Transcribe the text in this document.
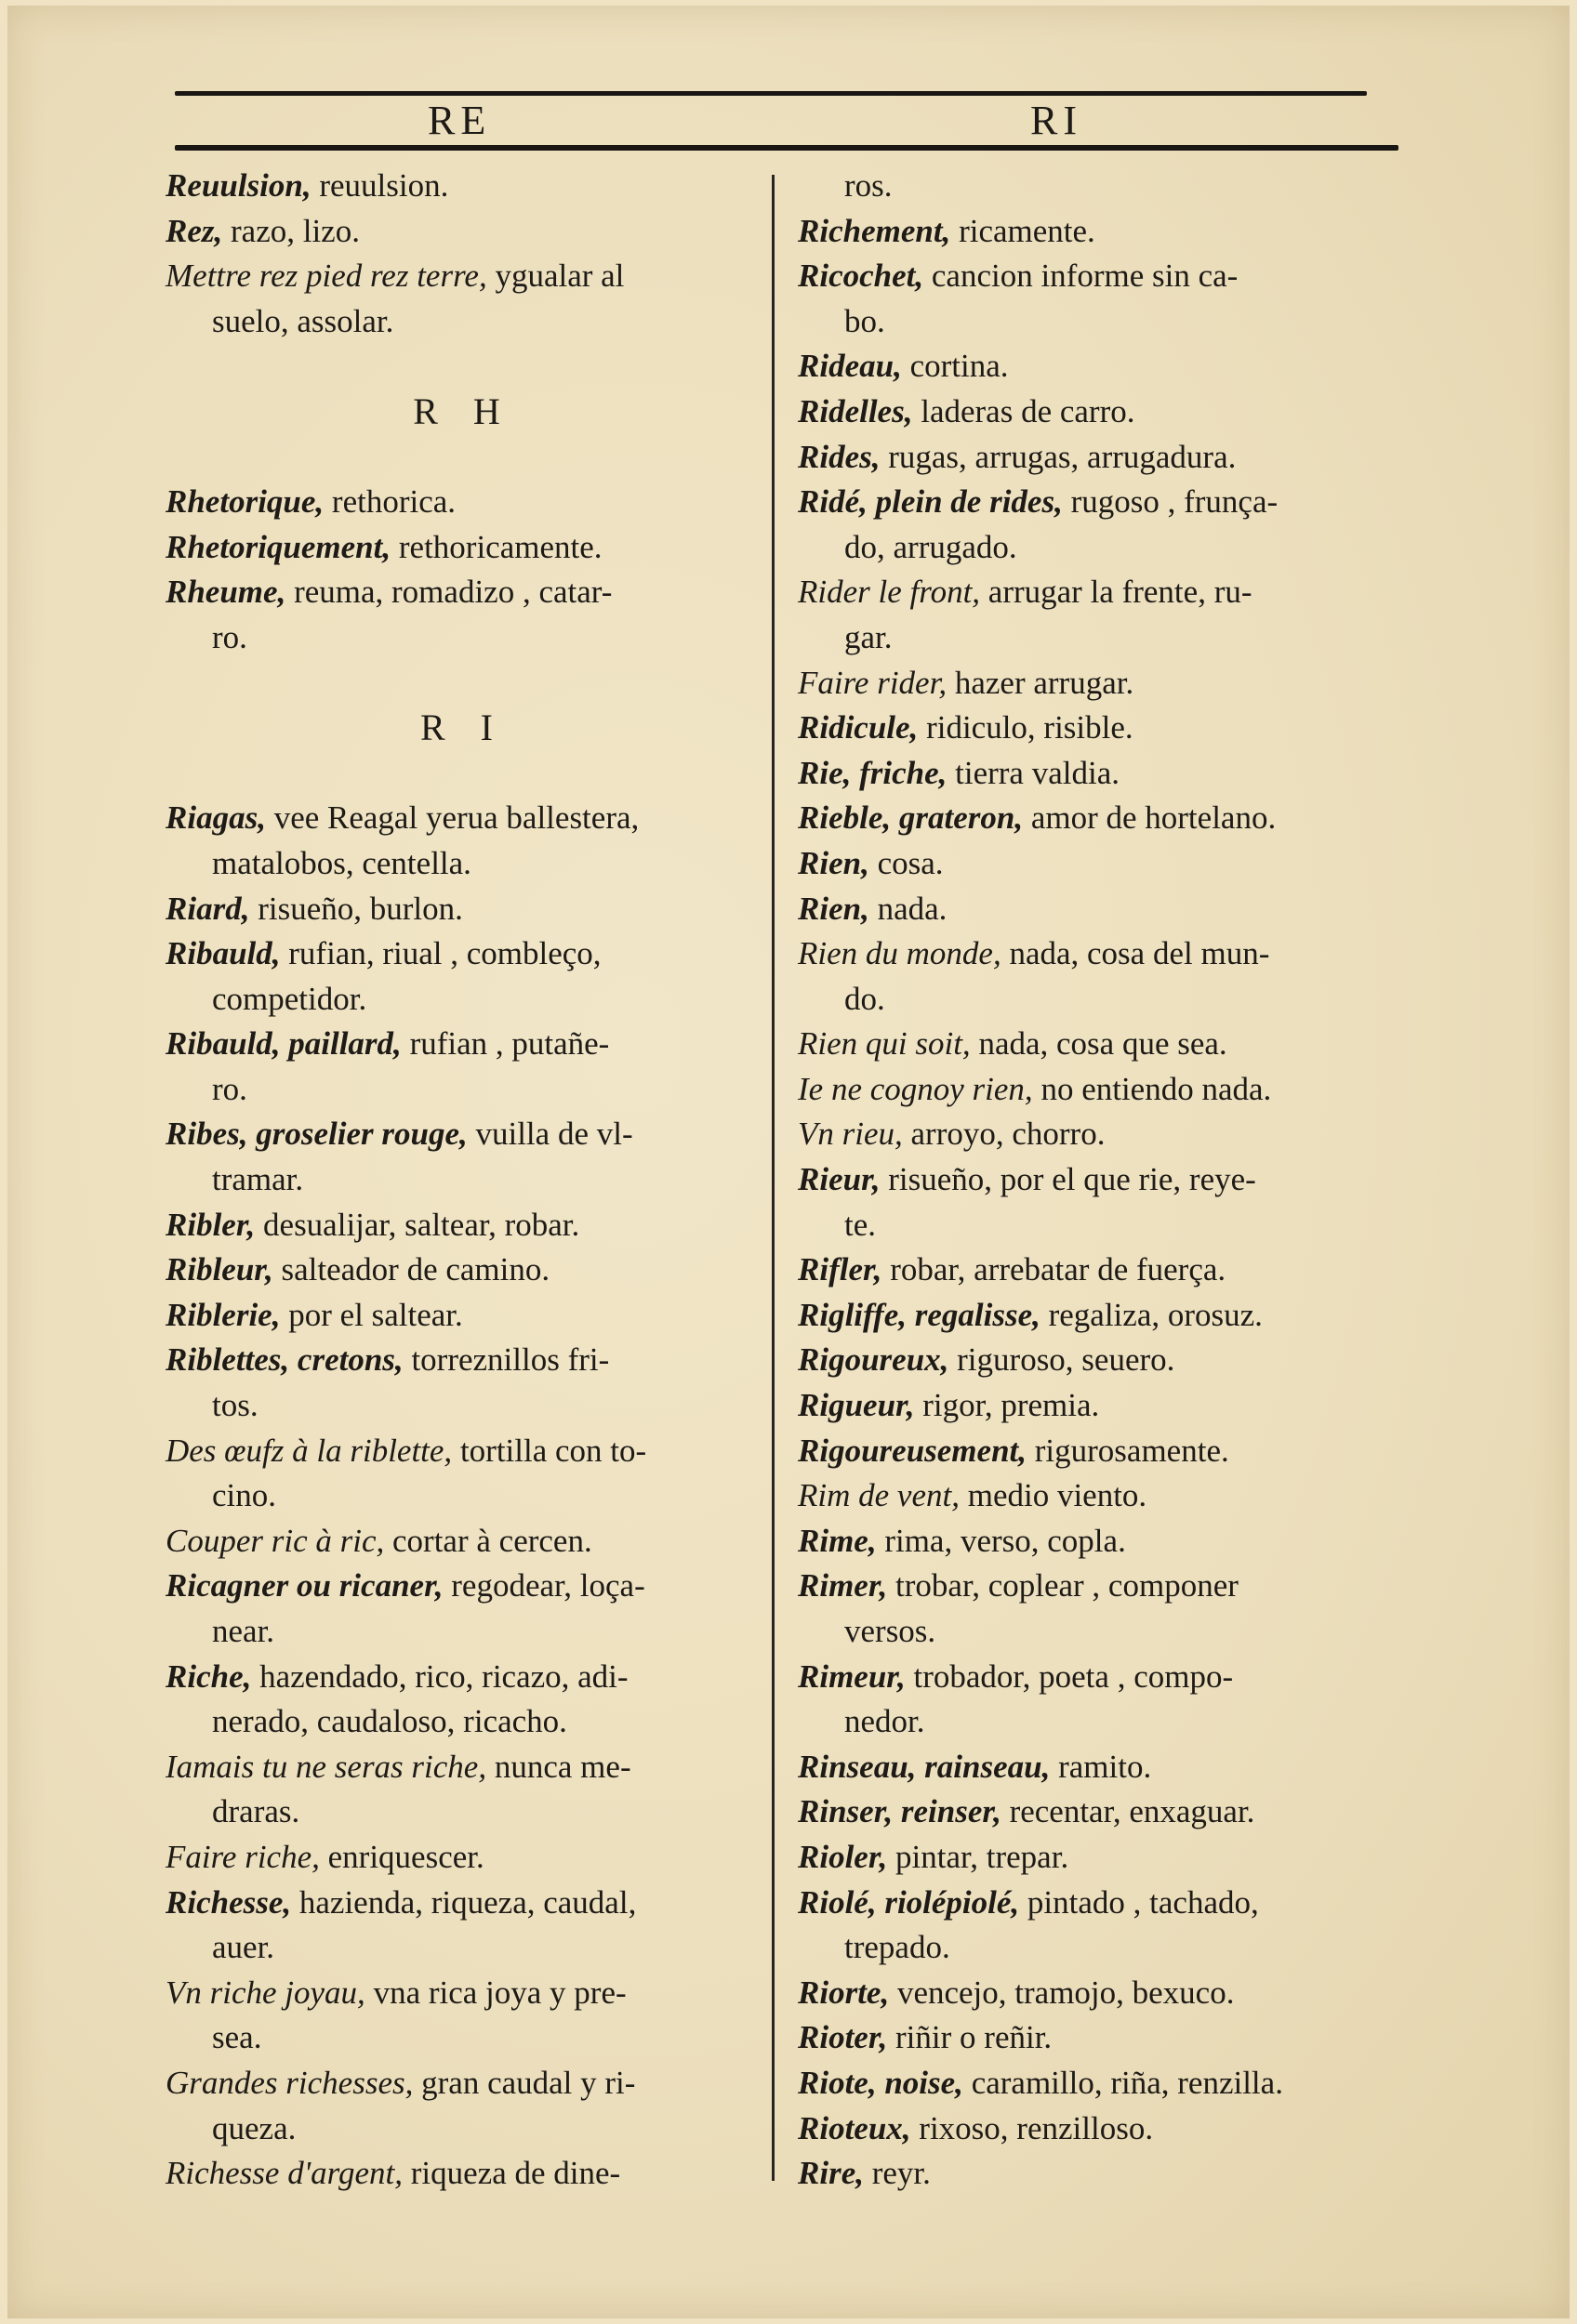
RE	RI
Reuulsion, reuulsion.
Rez, razo, lizo.
Mettre rez pied rez terre, ygualar al
suelo, assolar.
R H
Rhetorique, rethorica.
Rhetoriquement, rethoricamente.
Rheume, reuma, romadizo , catar-
ro.
R I
Riagas, vee Reagal yerua ballestera,
matalobos, centella.
Riard, risueño, burlon.
Ribauld, rufian, riual , combleço,
competidor.
Ribauld, paillard, rufian , putañe-
ro.
Ribes, groselier rouge, vuilla de vl-
tramar.
Ribler, desualijar, saltear, robar.
Ribleur, salteador de camino.
Riblerie, por el saltear.
Riblettes, cretons, torreznillos fri-
tos.
Des œufz à la riblette, tortilla con to-
cino.
Couper ric à ric, cortar à cercen.
Ricagner ou ricaner, regodear, loça-
near.
Riche, hazendado, rico, ricazo, adi-
nerado, caudaloso, ricacho.
Iamais tu ne seras riche, nunca me-
draras.
Faire riche, enriquescer.
Richesse, hazienda, riqueza, caudal,
auer.
Vn riche joyau, vna rica joya y pre-
sea.
Grandes richesses, gran caudal y ri-
queza.
Richesse d'argent, riqueza de dine-
ros.
Richement, ricamente.
Ricochet, cancion informe sin ca-
bo.
Rideau, cortina.
Ridelles, laderas de carro.
Rides, rugas, arrugas, arrugadura.
Ridé, plein de rides, rugoso , frunça-
do, arrugado.
Rider le front, arrugar la frente, ru-
gar.
Faire rider, hazer arrugar.
Ridicule, ridiculo, risible.
Rie, friche, tierra valdia.
Rieble, grateron, amor de hortelano.
Rien, cosa.
Rien, nada.
Rien du monde, nada, cosa del mun-
do.
Rien qui soit, nada, cosa que sea.
Ie ne cognoy rien, no entiendo nada.
Vn rieu, arroyo, chorro.
Rieur, risueño, por el que rie, reye-
te.
Rifler, robar, arrebatar de fuerça.
Rigliffe, regalisse, regaliza, orosuz.
Rigoureux, riguroso, seuero.
Rigueur, rigor, premia.
Rigoureusement, rigurosamente.
Rim de vent, medio viento.
Rime, rima, verso, copla.
Rimer, trobar, coplear , componer
versos.
Rimeur, trobador, poeta , compo-
nedor.
Rinseau, rainseau, ramito.
Rinser, reinser, recentar, enxaguar.
Rioler, pintar, trepar.
Riolé, riolépiolé, pintado , tachado,
trepado.
Riorte, vencejo, tramojo, bexuco.
Rioter, riñir o reñir.
Riote, noise, caramillo, riña, renzilla.
Rioteux, rixoso, renzilloso.
Rire, reyr.
